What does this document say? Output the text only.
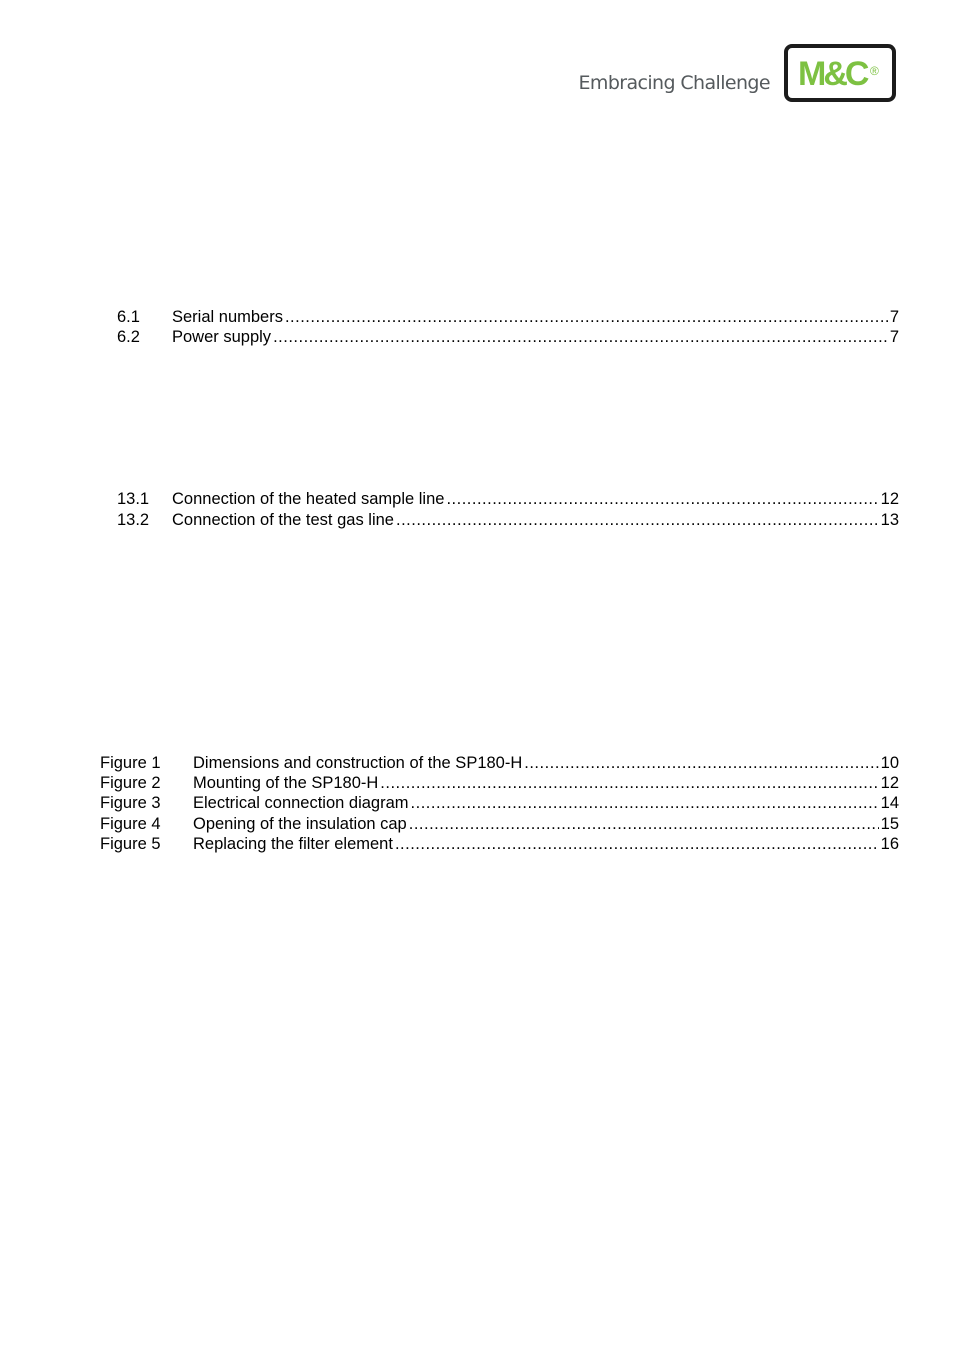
Embracing Challenge M&C ®
6.1	Serial numbers .....	7
6.2	Power supply .....	7
13.1	Connection of the heated sample line .....	12
13.2	Connection of the test gas line .....	13
Figure 1	Dimensions and construction of the SP180-H .....	10
Figure 2	Mounting of the SP180-H .....	12
Figure 3	Electrical connection diagram .....	14
Figure 4	Opening of the insulation cap .....	15
Figure 5	Replacing the filter element .....	16
